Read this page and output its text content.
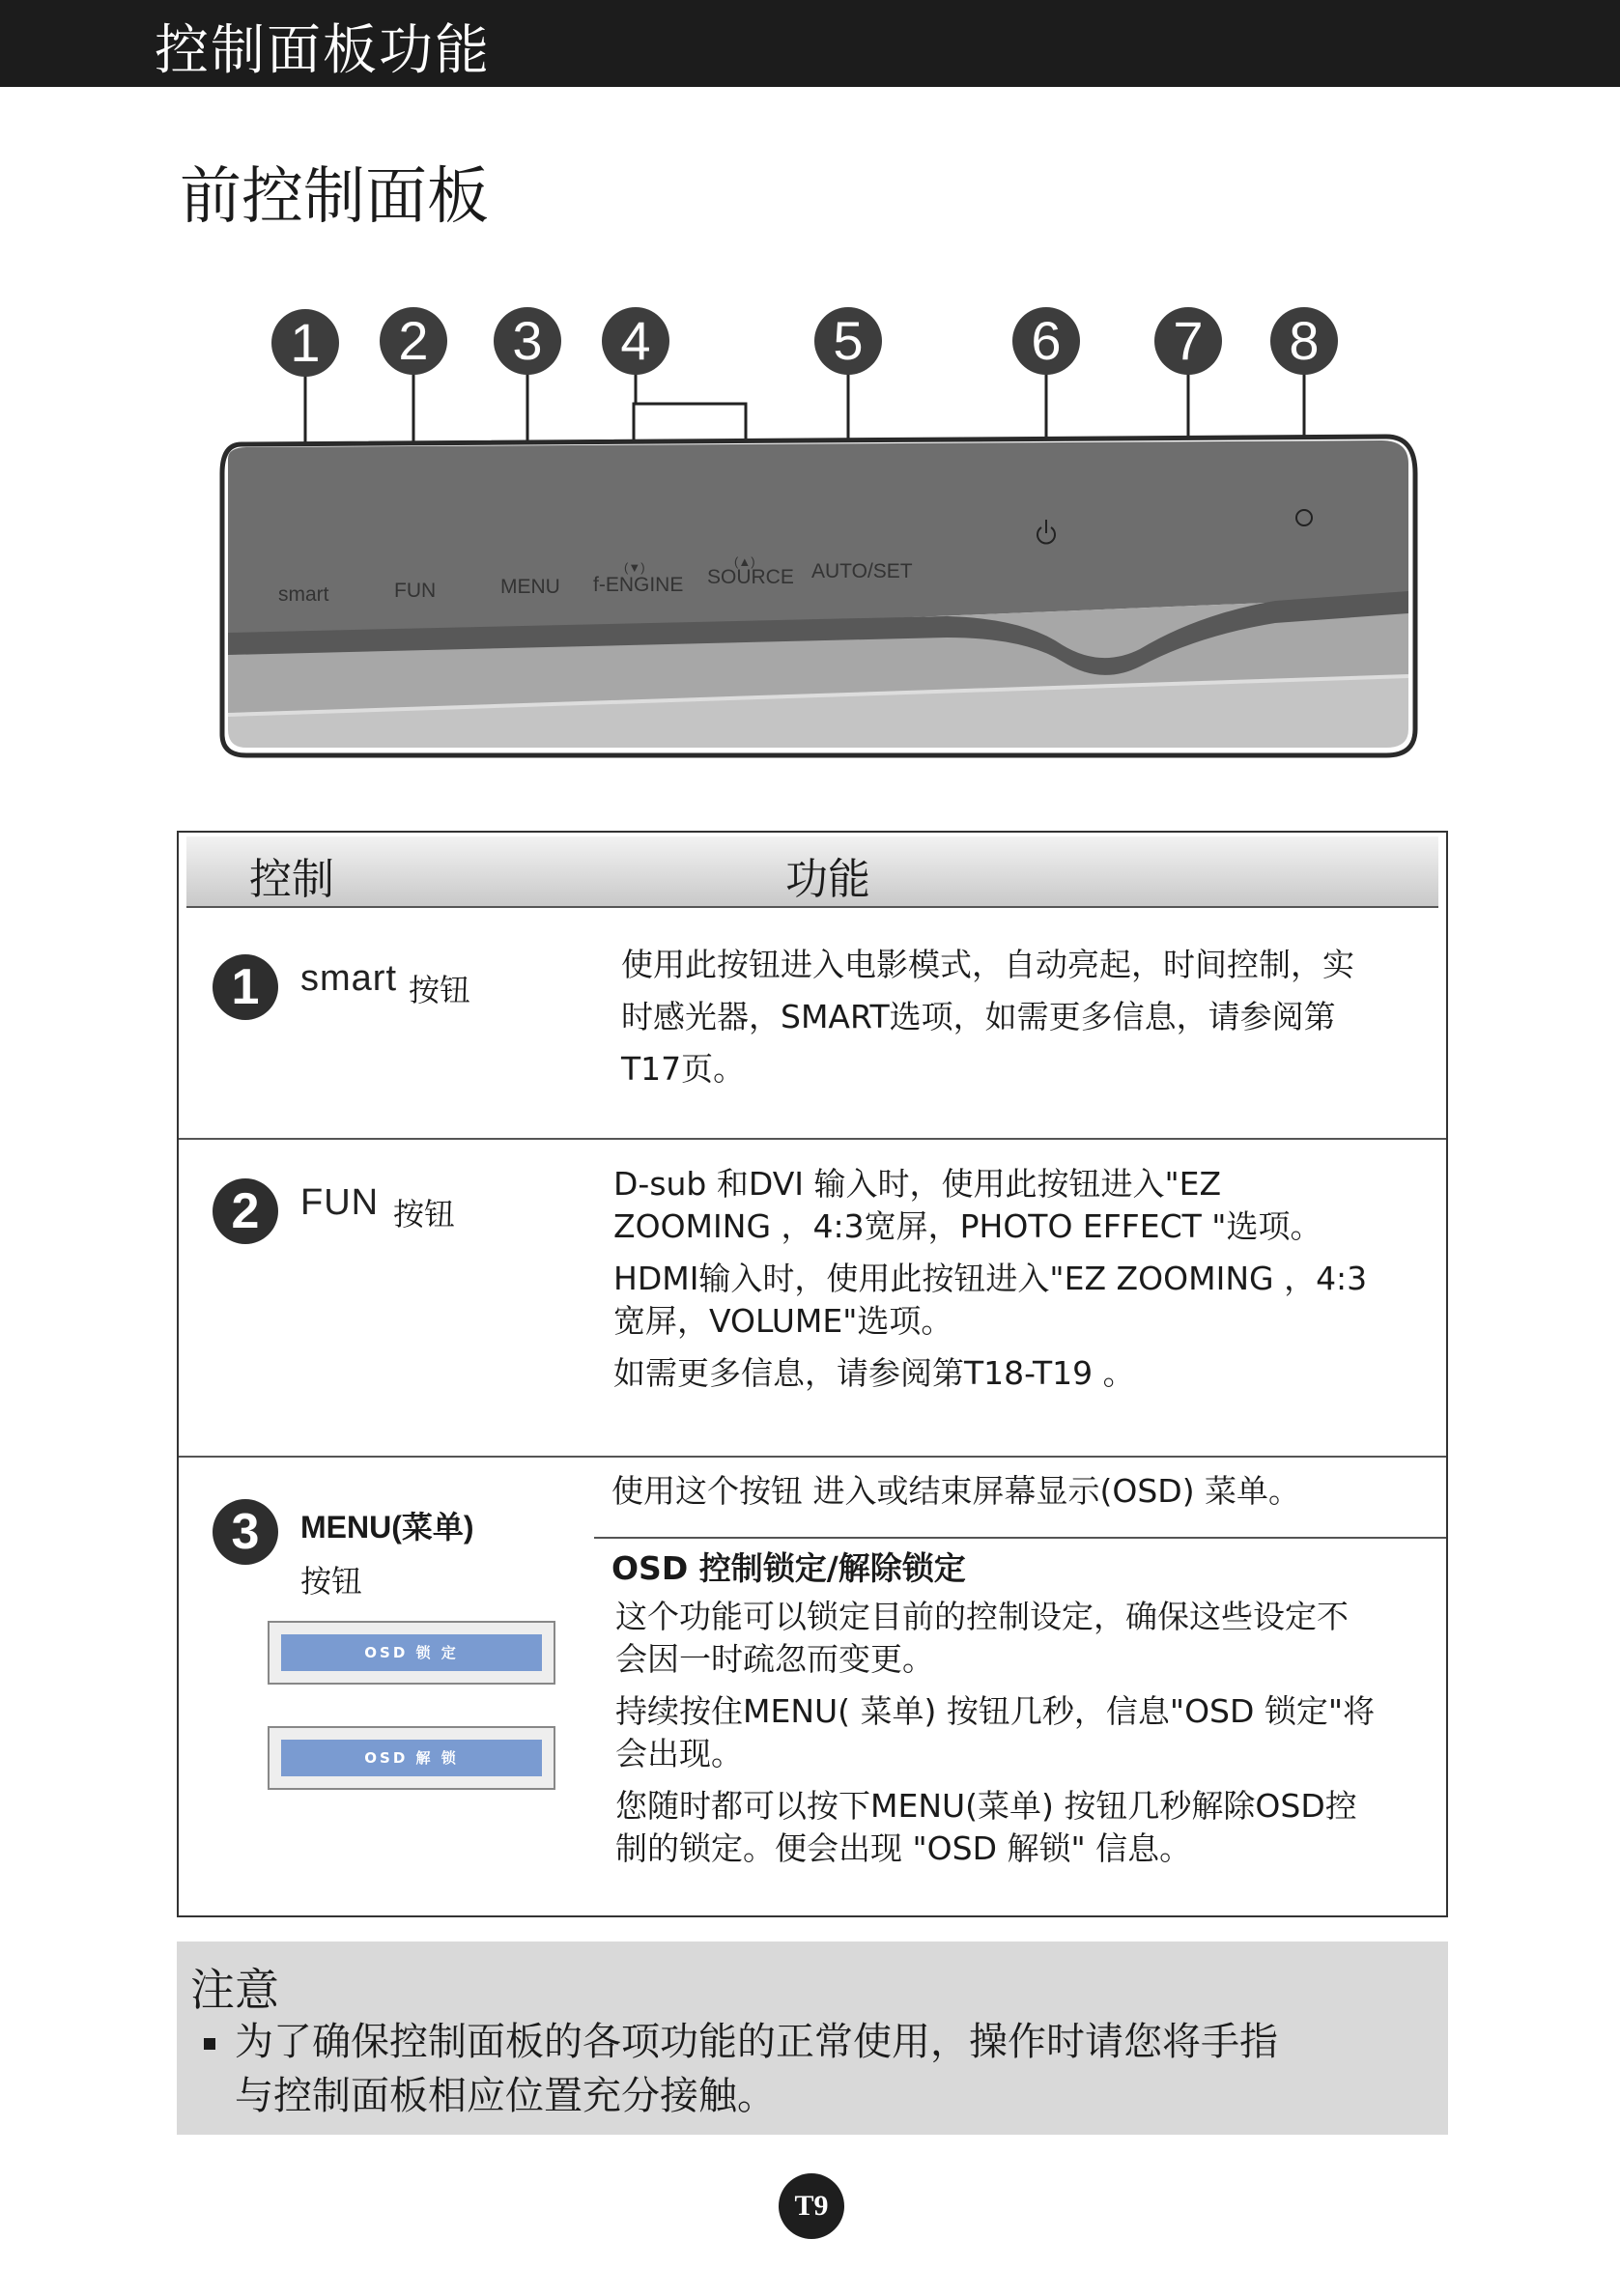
控制面板功能
前控制面板
smart	FUN	MENU
(▼)
f-ENGINE
(▲)
SOURCE AUTO/SET
1	2	3	4	5	6	7	8
控制	功能
1	smart 按钮
使用此按钮进入电影模式，自动亮起，时间控制，实
时感光器，SMART选项，如需更多信息，请参阅第
T17页。
2	FUN 按钮
D-sub 和DVI 输入时，使用此按钮进入"EZ
ZOOMING ，4:3宽屏，PHOTO EFFECT "选项。
HDMI输入时，使用此按钮进入"EZ ZOOMING ，4:3
宽屏，VOLUME"选项。
如需更多信息，请参阅第T18-T19 。
3	MENU(菜单)
按钮
OSD 锁 定
OSD 解 锁
使用这个按钮 进入或结束屏幕显示(OSD) 菜单。
OSD 控制锁定/解除锁定
这个功能可以锁定目前的控制设定，确保这些设定不
会因一时疏忽而变更。
持续按住MENU( 菜单) 按钮几秒，信息"OSD 锁定"将
会出现。
您随时都可以按下MENU(菜单) 按钮几秒解除OSD控
制的锁定。便会出现 "OSD 解锁" 信息。
注意
为了确保控制面板的各项功能的正常使用，操作时请您将手指
与控制面板相应位置充分接触。
T9
